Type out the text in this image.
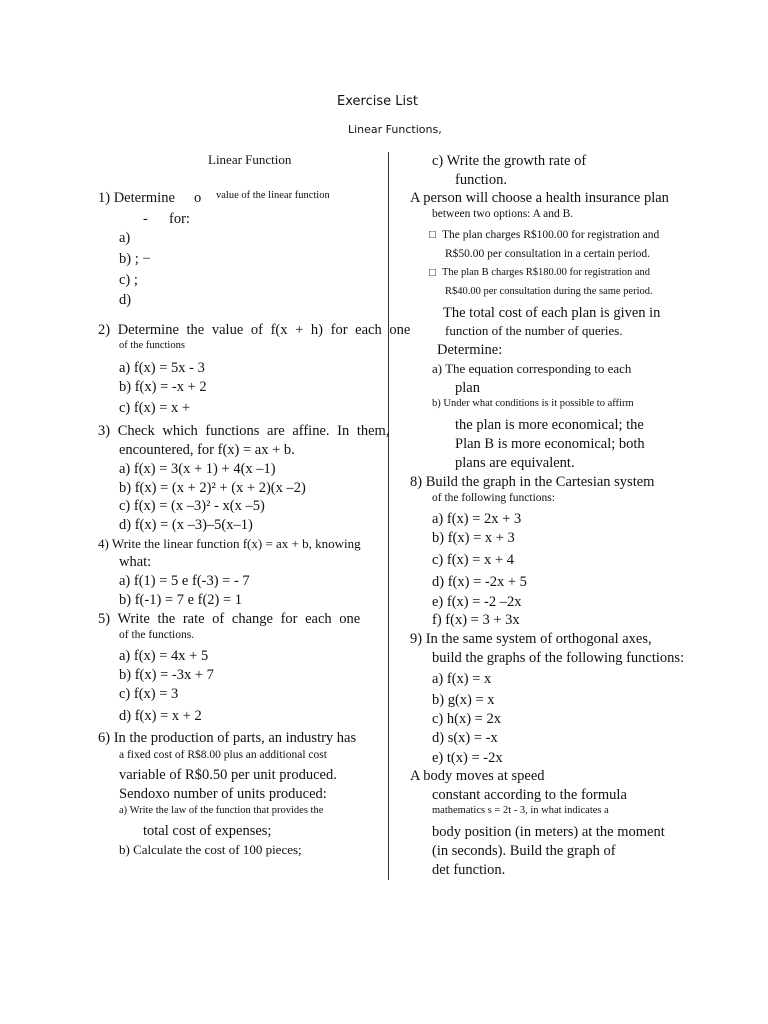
Exercise List
Linear Functions,
Linear Function
1) Determine o value of the linear function
- for:
a)
b) ; −
c) ;
d)
2) Determine the value of f(x + h) for each one
of the functions
a) f(x) = 5x - 3
b) f(x) = -x + 2
c) f(x) = x +
3) Check which functions are affine. In them,
encountered, for f(x) = ax + b.
a) f(x) = 3(x + 1) + 4(x –1)
b) f(x) = (x + 2)² + (x + 2)(x –2)
c) f(x) = (x –3)² - x(x –5)
d) f(x) = (x –3)–5(x–1)
4) Write the linear function f(x) = ax + b, knowing
what:
a) f(1) = 5 e f(-3) = - 7
b) f(-1) = 7 e f(2) = 1
5) Write the rate of change for each one
of the functions.
a) f(x) = 4x + 5
b) f(x) = -3x + 7
c) f(x) = 3
d) f(x) = x + 2
6) In the production of parts, an industry has
a fixed cost of R$8.00 plus an additional cost
variable of R$0.50 per unit produced.
Sendoxo number of units produced:
a) Write the law of the function that provides the
total cost of expenses;
b) Calculate the cost of 100 pieces;
c) Write the growth rate of
function.
A person will choose a health insurance plan
between two options: A and B.
□ The plan charges R$100.00 for registration and
R$50.00 per consultation in a certain period.
□ The plan B charges R$180.00 for registration and
R$40.00 per consultation during the same period.
The total cost of each plan is given in
function of the number of queries.
Determine:
a) The equation corresponding to each
plan
b) Under what conditions is it possible to affirm
the plan is more economical; the
Plan B is more economical; both
plans are equivalent.
8) Build the graph in the Cartesian system
of the following functions:
a) f(x) = 2x + 3
b) f(x) = x + 3
c) f(x) = x + 4
d) f(x) = -2x + 5
e) f(x) = -2 –2x
f) f(x) = 3 + 3x
9) In the same system of orthogonal axes,
build the graphs of the following functions:
a) f(x) = x
b) g(x) = x
c) h(x) = 2x
d) s(x) = -x
e) t(x) = -2x
A body moves at speed
constant according to the formula
mathematics s = 2t - 3, in what indicates a
body position (in meters) at the moment
(in seconds). Build the graph of
det function.
